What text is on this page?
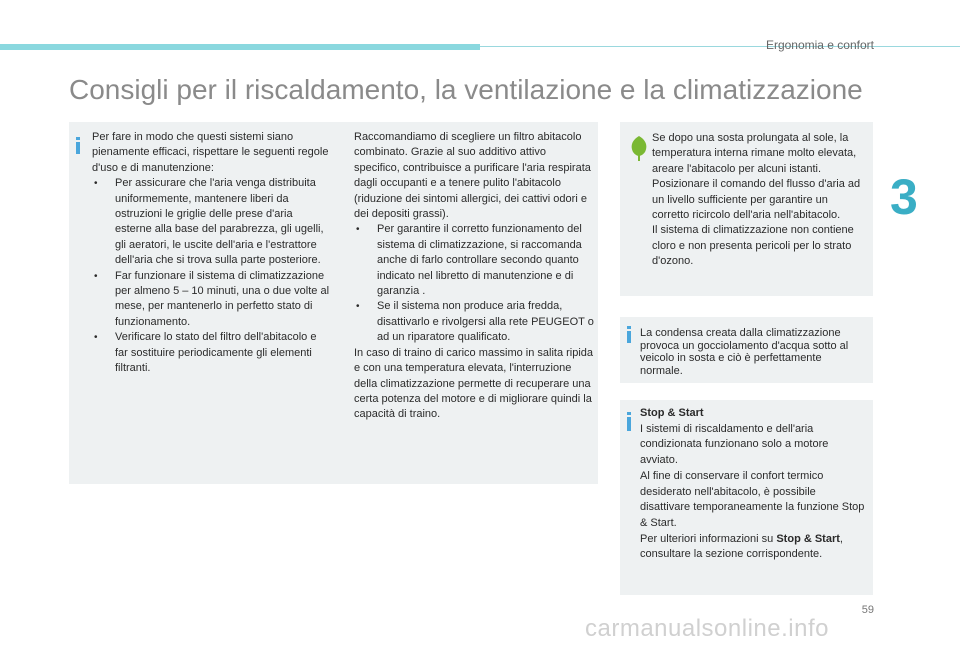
Ergonomia e confort
3
Consigli per il riscaldamento, la ventilazione e la climatizzazione

Per fare in modo che questi sistemi siano pienamente efficaci, rispettare le seguenti regole d'uso e di manutenzione:

• Per assicurare che l'aria venga distribuita uniformemente, mantenere liberi da ostruzioni le griglie delle prese d'aria esterne alla base del parabrezza, gli ugelli, gli aeratori, le uscite dell'aria e l'estrattore dell'aria che si trova sulla parte posteriore.

• Far funzionare il sistema di climatizzazione per almeno 5 – 10 minuti, una o due volte al mese, per mantenerlo in perfetto stato di funzionamento.

• Verificare lo stato del filtro dell'abitacolo e far sostituire periodicamente gli elementi filtranti.

Raccomandiamo di scegliere un filtro abitacolo combinato. Grazie al suo additivo attivo specifico, contribuisce a purificare l'aria respirata dagli occupanti e a tenere pulito l'abitacolo (riduzione dei sintomi allergici, dei cattivi odori e dei depositi grassi).

• Per garantire il corretto funzionamento del sistema di climatizzazione, si raccomanda anche di farlo controllare secondo quanto indicato nel libretto di manutenzione e di garanzia .

• Se il sistema non produce aria fredda, disattivarlo e rivolgersi alla rete PEUGEOT o ad un riparatore qualificato.

In caso di traino di carico massimo in salita ripida e con una temperatura elevata, l'interruzione della climatizzazione permette di recuperare una certa potenza del motore e di migliorare quindi la capacità di traino.

Se dopo una sosta prolungata al sole, la temperatura interna rimane molto elevata, areare l'abitacolo per alcuni istanti.

Posizionare il comando del flusso d'aria ad un livello sufficiente per garantire un corretto ricircolo dell'aria nell'abitacolo.

Il sistema di climatizzazione non contiene cloro e non presenta pericoli per lo strato d'ozono.

La condensa creata dalla climatizzazione provoca un gocciolamento d'acqua sotto al veicolo in sosta e ciò è perfettamente normale.

Stop & Start

I sistemi di riscaldamento e dell'aria condizionata funzionano solo a motore avviato.

Al fine di conservare il confort termico desiderato nell'abitacolo, è possibile disattivare temporaneamente la funzione Stop & Start.

Per ulteriori informazioni su Stop & Start,

consultare la sezione corrispondente.

59
carmanualsonline.info
